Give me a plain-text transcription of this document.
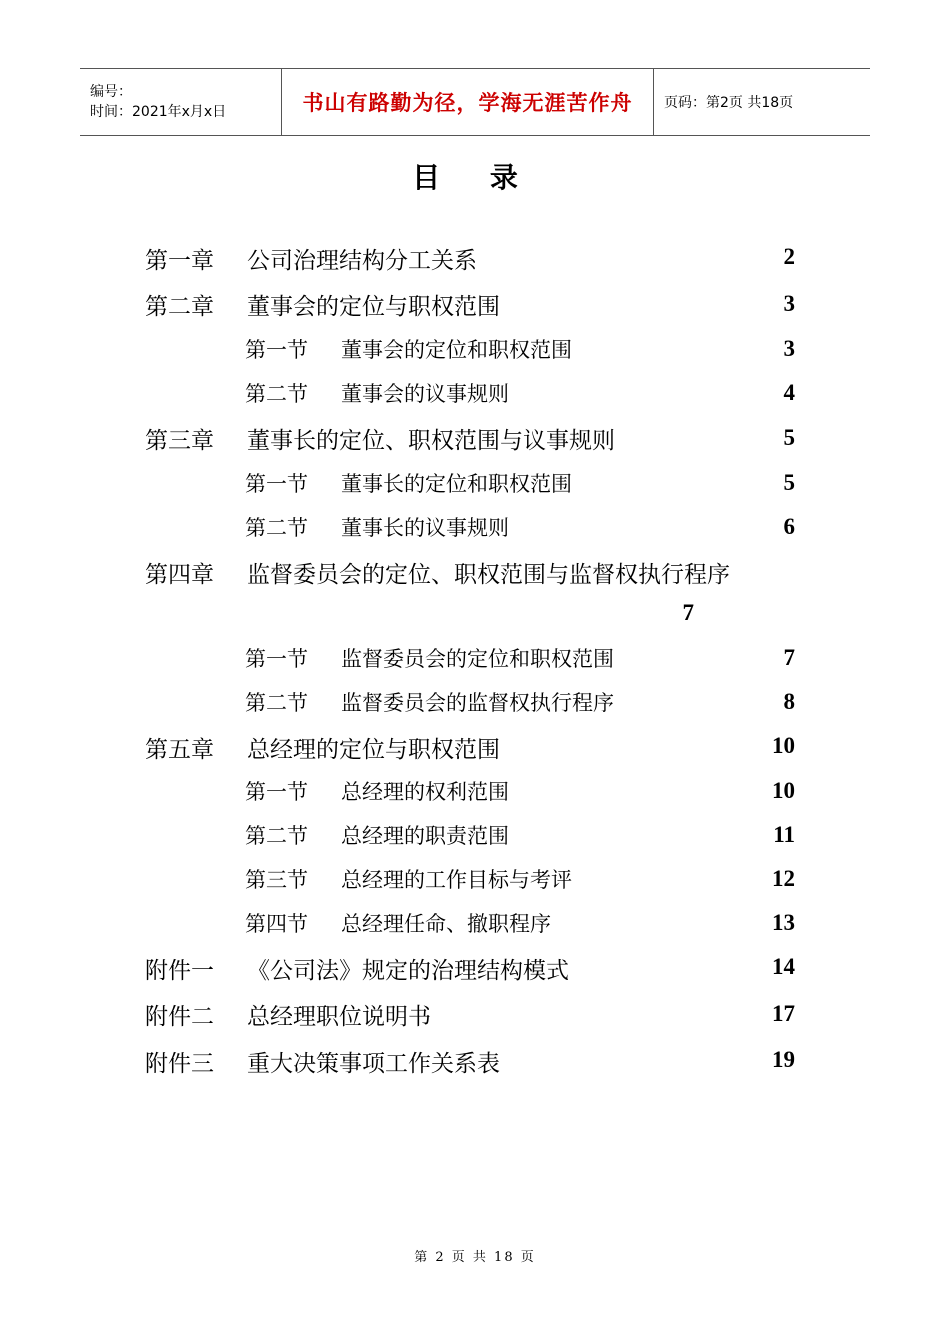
编号：
时间：2021年x月x日	书山有路勤为径，学海无涯苦作舟 页码：第2页 共18页
目 录
第一章 公司治理结构分工关系	2
第二章 董事会的定位与职权范围	3
第一节 董事会的定位和职权范围	3
第二节 董事会的议事规则	4
第三章 董事长的定位、职权范围与议事规则	5
第一节 董事长的定位和职权范围	5
第二节 董事长的议事规则	6
第四章 监督委员会的定位、职权范围与监督权执行程序
7
第一节 监督委员会的定位和职权范围	7
第二节 监督委员会的监督权执行程序	8
第五章 总经理的定位与职权范围	10
第一节 总经理的权利范围	10
第二节 总经理的职责范围	11
第三节 总经理的工作目标与考评	12
第四节 总经理任命、撤职程序	13
附件一 《公司法》规定的治理结构模式	14
附件二 总经理职位说明书	17
附件三 重大决策事项工作关系表	19
第 2 页 共 18 页
